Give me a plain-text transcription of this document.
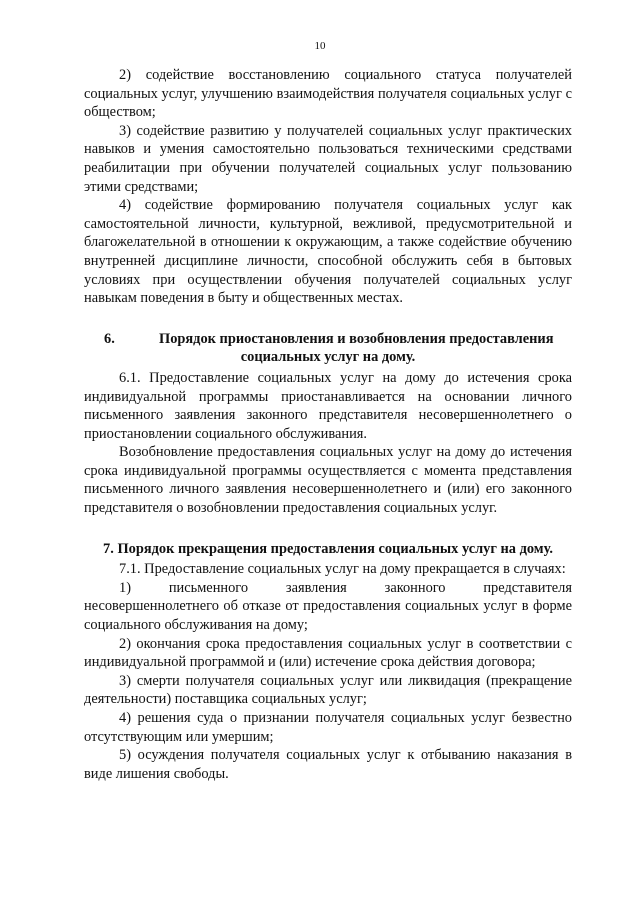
10

2) содействие восстановлению социального статуса получателей социальных услуг, улучшению взаимодействия получателя социальных услуг с обществом;

3) содействие развитию у получателей социальных услуг практических навыков и умения самостоятельно пользоваться техническими средствами реабилитации при обучении получателей социальных услуг пользованию этими средствами;

4) содействие формированию получателя социальных услуг как самостоятельной личности, культурной, вежливой, предусмотрительной и благожелательной в отношении к окружающим, а также содействие обучению внутренней дисциплине личности, способной обслужить себя в бытовых условиях при осуществлении обучения получателей социальных услуг навыкам поведения в быту и общественных местах.

6.	Порядок приостановления и возобновления предоставления
социальных услуг на дому.

6.1. Предоставление социальных услуг на дому до истечения срока индивидуальной программы приостанавливается на основании личного письменного заявления законного представителя несовершеннолетнего о приостановлении социального обслуживания.

Возобновление предоставления социальных услуг на дому до истечения срока индивидуальной программы осуществляется с момента представления письменного личного заявления несовершеннолетнего и (или) его законного представителя о возобновлении предоставления социальных услуг.

7. Порядок прекращения предоставления социальных услуг на дому.

7.1. Предоставление социальных услуг на дому прекращается в случаях:

1) письменного заявления законного представителя несовершеннолетнего об отказе от предоставления социальных услуг в форме социального обслуживания на дому;

2) окончания срока предоставления социальных услуг в соответствии с индивидуальной программой и (или) истечение срока действия договора;

3) смерти получателя социальных услуг или ликвидация (прекращение деятельности) поставщика социальных услуг;

4) решения суда о признании получателя социальных услуг безвестно отсутствующим или умершим;

5) осуждения получателя социальных услуг к отбыванию наказания в виде лишения свободы.
